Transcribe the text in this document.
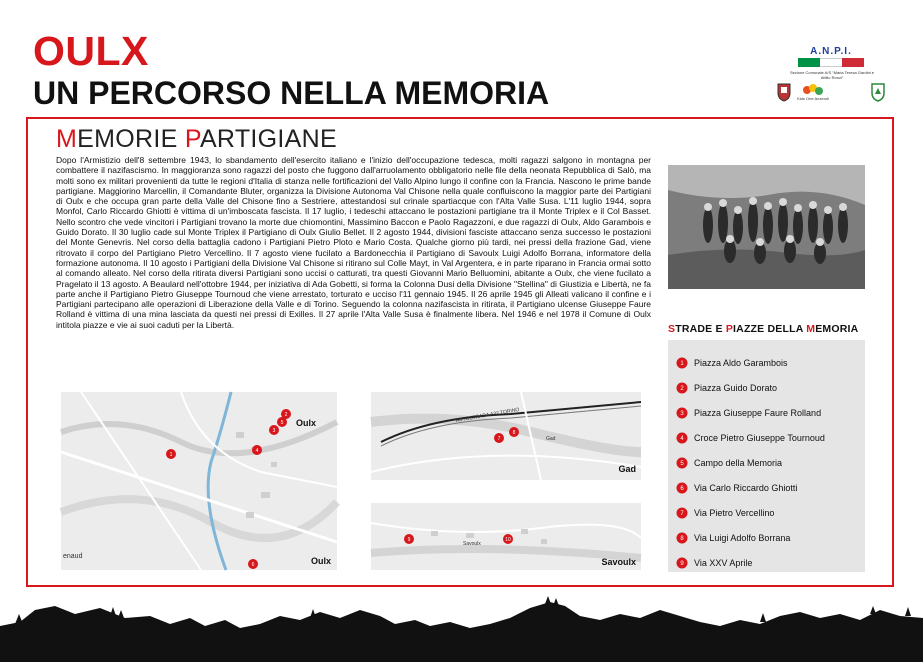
OULX
UN PERCORSO NELLA MEMORIA
A.N.P.I.
Sezione Comunale A/S "Maria Teresa Gardini e Attilio Ronzi"
Kids One Anzeroli
MEMORIE PARTIGIANE

Dopo l'Armistizio dell'8 settembre 1943, lo sbandamento dell'esercito italiano e l'inizio dell'occupazione tedesca, molti ragazzi salgono in montagna per combattere il nazifascismo. In maggioranza sono ragazzi del posto che fuggono dall'arruolamento obbligatorio nelle file della neonata Repubblica di Salò, ma molti sono ex militari provenienti da tutte le regioni d'Italia di stanza nelle fortificazioni del Vallo Alpino lungo il confine con la Francia. Nascono le prime bande partigiane. Maggiorino Marcellin, il Comandante Bluter, organizza la Divisione Autonoma Val Chisone nella quale confluiscono la maggior parte dei Partigiani di Oulx e che occupa gran parte della Valle del Chisone fino a Sestriere, attestandosi sul crinale spartiacque con l'Alta Valle Susa. L'11 luglio 1944, sopra Monfol, Carlo Riccardo Ghiotti è vittima di un'imboscata fascista. Il 17 luglio, i tedeschi attaccano le postazioni partigiane tra il Monte Triplex e il Col Basset. Nello scontro che vede vincitori i Partigiani trovano la morte due chiomontini, Massimino Baccon e Paolo Ragazzoni, e due ragazzi di Oulx, Aldo Garambois e Guido Dorato. Il 30 luglio cade sul Monte Triplex il Partigiano di Oulx Giulio Bellet. Il 2 agosto 1944, divisioni fasciste attaccano senza successo le postazioni del Monte Genevris. Nel corso della battaglia cadono i Partigiani Pietro Ploto e Mario Costa. Qualche giorno più tardi, nei pressi della frazione Gad, viene ritrovato il corpo del Partigiano Pietro Vercellino. Il 7 agosto viene fucilato a Bardonecchia il Partigiano di Savoulx Luigi Adolfo Borrana, informatore della formazione autonoma. Il 10 agosto i Partigiani della Divisione Val Chisone si ritirano sul Colle Mayt, in Val Argentera, e in parte riparano in Francia ormai sotto al comando alleato. Nel corso della ritirata diversi Partigiani sono uccisi o catturati, tra questi Giovanni Mario Belluomini, abitante a Oulx, che viene fucilato a Pragelato il 13 agosto. A Beaulard nell'ottobre 1944, per iniziativa di Ada Gobetti, si forma la Colonna Dusi della Divisione "Stellina" di Giustizia e Libertà, ne fa parte anche il Partigiano Pietro Giuseppe Tournoud che viene arrestato, torturato e ucciso l'11 gennaio 1945. Il 26 aprile 1945 gli Alleati valicano il confine e i Partigiani partecipano alle operazioni di Liberazione della Valle e di Torino. Seguendo la colonna nazifascista in ritirata, il Partigiano ulcense Giuseppe Faure Rolland è vittima di una mina lasciata da questi nei pressi di Exilles. Il 27 aprile l'Alta Valle Susa è finalmente libera. Nel 1946 e nel 1978 il Comune di Oulx intitola piazze e vie ai suoi caduti per la Libertà.	STRADE E PIAZZE DELLA MEMORIA
1 Piazza Aldo Garambois
2 Piazza Guido Dorato
3 Piazza Giuseppe Faure Rolland
4 Croce Pietro Giuseppe Tournoud
5 Campo della Memoria
6 Via Carlo Riccardo Ghiotti
7 Via Pietro Vercellino
8 Via Luigi Adolfo Borrana
9 Via XXV Aprile
Oulx
enaud	Oulx
1
2
3
4
5
6
AUTOSTRADA A32 TORINO
Gad
Gad
7
8
Savoulx
Savoulx
9	10
